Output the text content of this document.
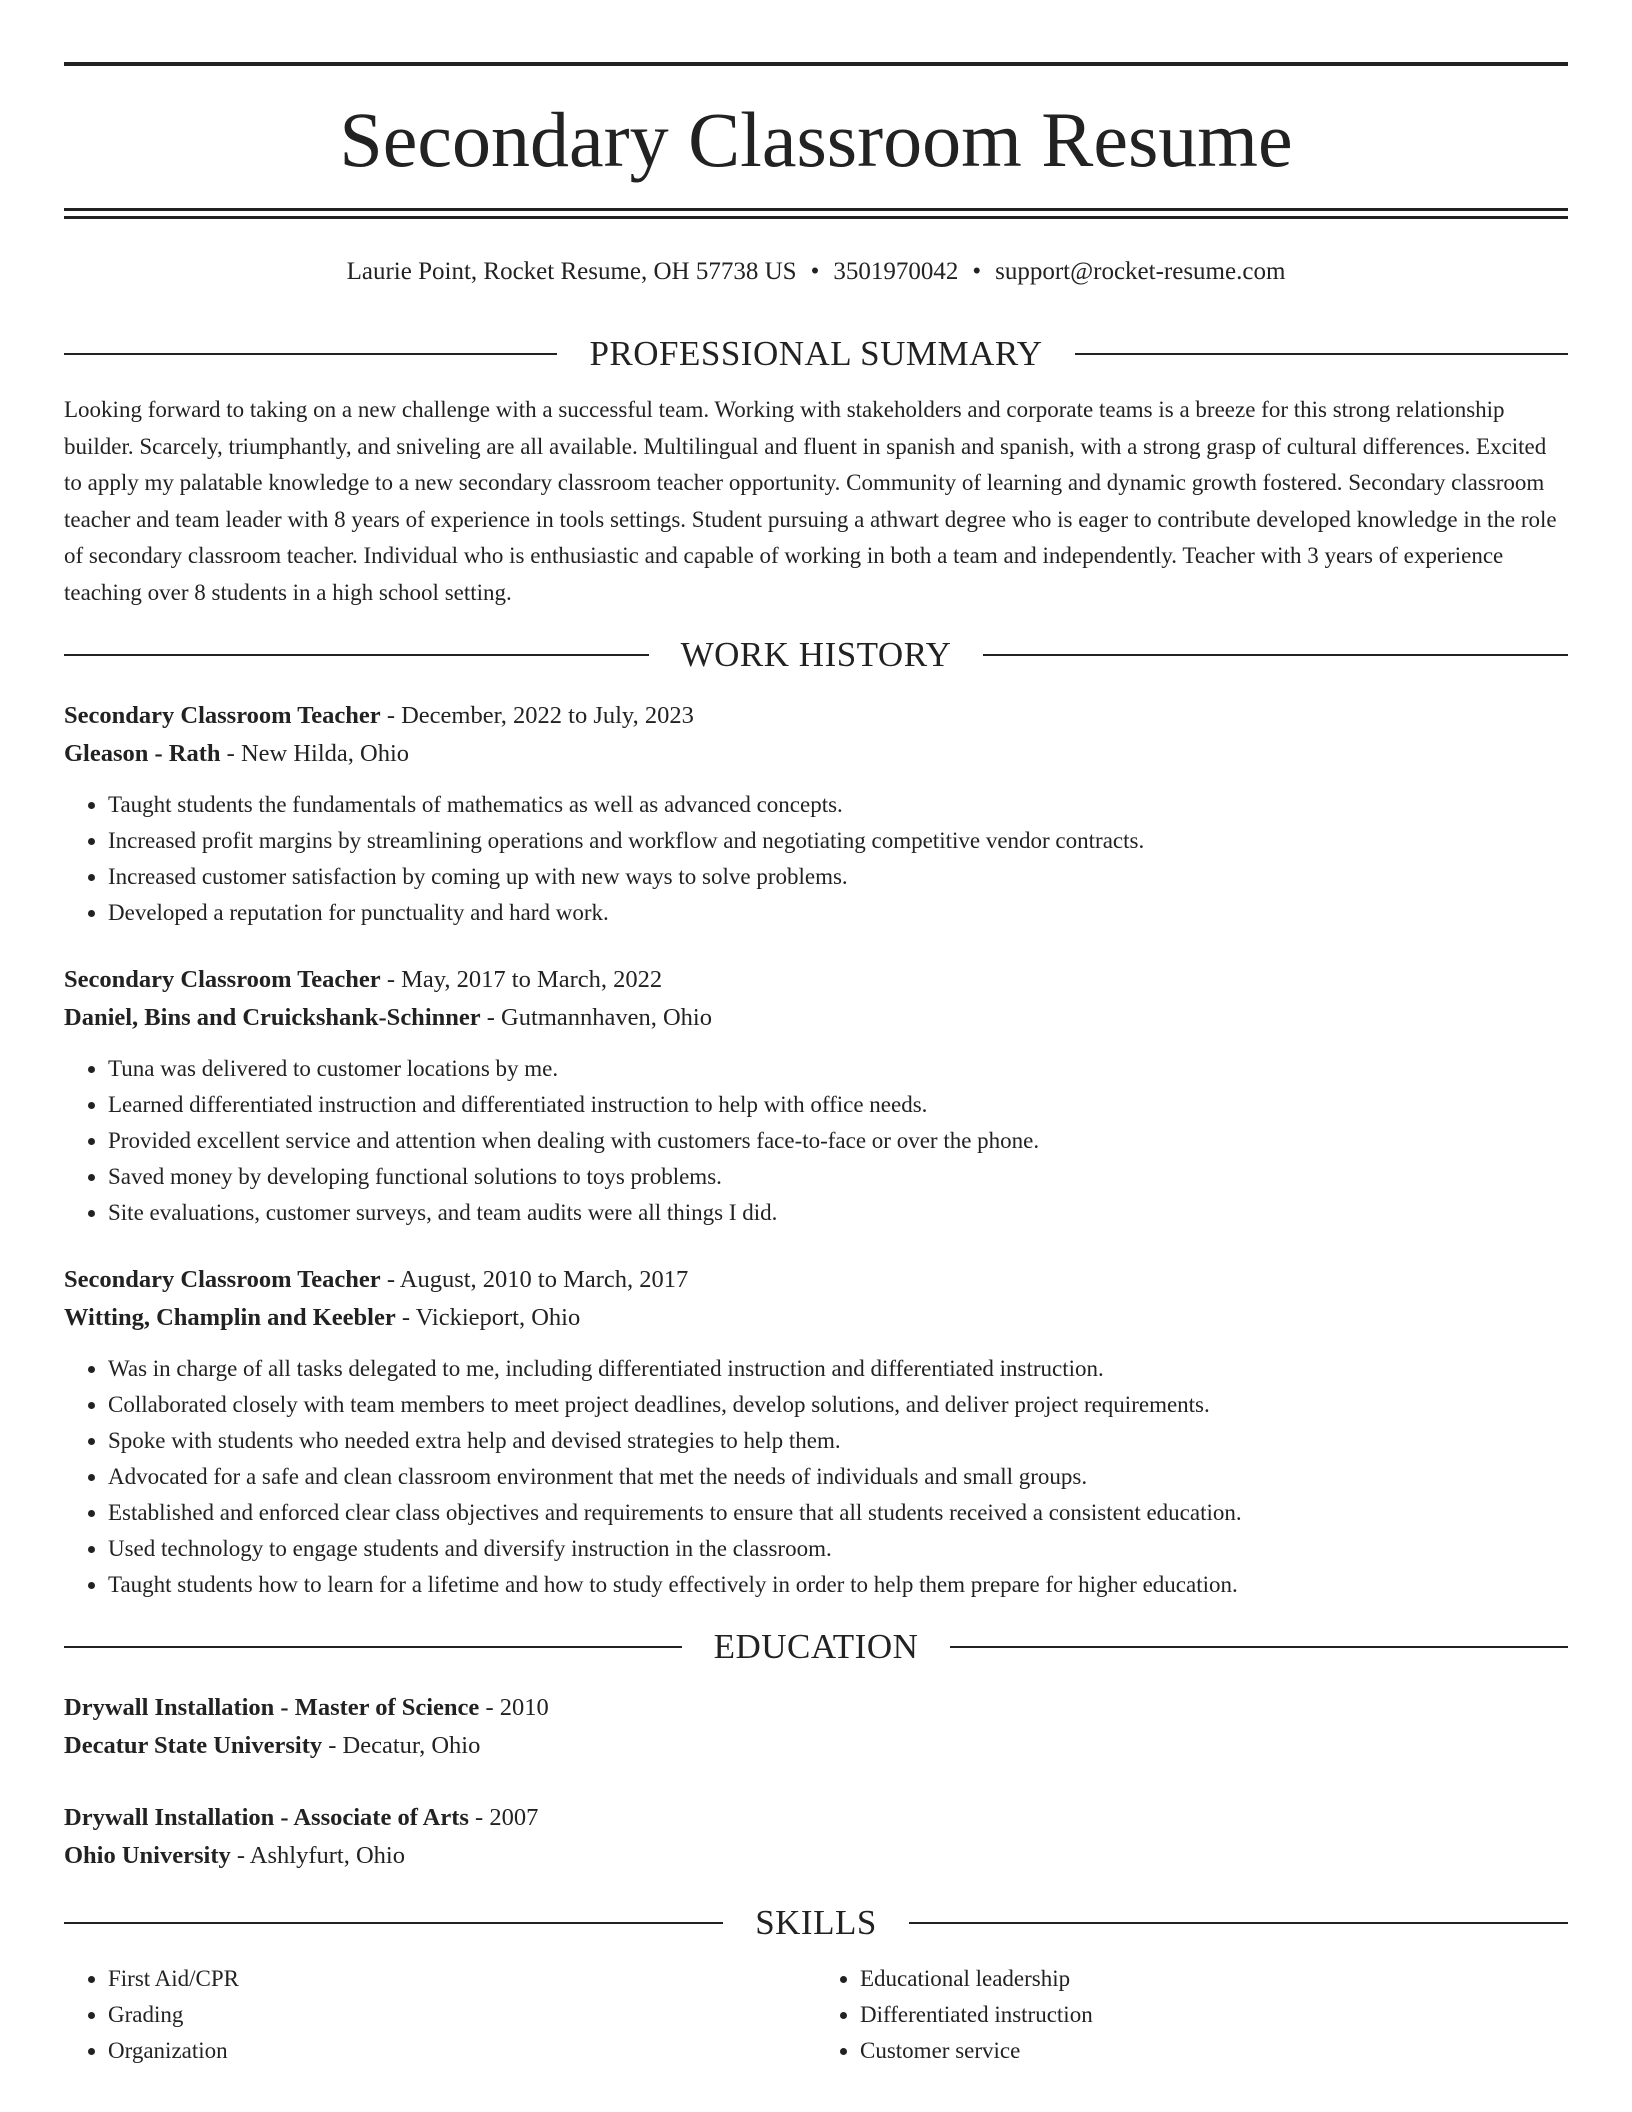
Secondary Classroom Resume
Laurie Point, Rocket Resume, OH 57738 US • 3501970042 • support@rocket-resume.com
PROFESSIONAL SUMMARY

Looking forward to taking on a new challenge with a successful team. Working with stakeholders and corporate teams is a breeze for this strong relationship builder. Scarcely, triumphantly, and sniveling are all available. Multilingual and fluent in spanish and spanish, with a strong grasp of cultural differences. Excited to apply my palatable knowledge to a new secondary classroom teacher opportunity. Community of learning and dynamic growth fostered. Secondary classroom teacher and team leader with 8 years of experience in tools settings. Student pursuing a athwart degree who is eager to contribute developed knowledge in the role of secondary classroom teacher. Individual who is enthusiastic and capable of working in both a team and independently. Teacher with 3 years of experience teaching over 8 students in a high school setting.

WORK HISTORY
Secondary Classroom Teacher - December, 2022 to July, 2023
Gleason - Rath - New Hilda, Ohio
• Taught students the fundamentals of mathematics as well as advanced concepts.
• Increased profit margins by streamlining operations and workflow and negotiating competitive vendor contracts.
• Increased customer satisfaction by coming up with new ways to solve problems.
• Developed a reputation for punctuality and hard work.
Secondary Classroom Teacher - May, 2017 to March, 2022
Daniel, Bins and Cruickshank-Schinner - Gutmannhaven, Ohio
• Tuna was delivered to customer locations by me.
• Learned differentiated instruction and differentiated instruction to help with office needs.
• Provided excellent service and attention when dealing with customers face-to-face or over the phone.
• Saved money by developing functional solutions to toys problems.
• Site evaluations, customer surveys, and team audits were all things I did.
Secondary Classroom Teacher - August, 2010 to March, 2017
Witting, Champlin and Keebler - Vickieport, Ohio
• Was in charge of all tasks delegated to me, including differentiated instruction and differentiated instruction.
• Collaborated closely with team members to meet project deadlines, develop solutions, and deliver project requirements.
• Spoke with students who needed extra help and devised strategies to help them.
• Advocated for a safe and clean classroom environment that met the needs of individuals and small groups.
• Established and enforced clear class objectives and requirements to ensure that all students received a consistent education.
• Used technology to engage students and diversify instruction in the classroom.
• Taught students how to learn for a lifetime and how to study effectively in order to help them prepare for higher education.
EDUCATION
Drywall Installation - Master of Science - 2010
Decatur State University - Decatur, Ohio
Drywall Installation - Associate of Arts - 2007
Ohio University - Ashlyfurt, Ohio
SKILLS
• First Aid/CPR
• Grading
• Organization
• Educational leadership
• Differentiated instruction
• Customer service
